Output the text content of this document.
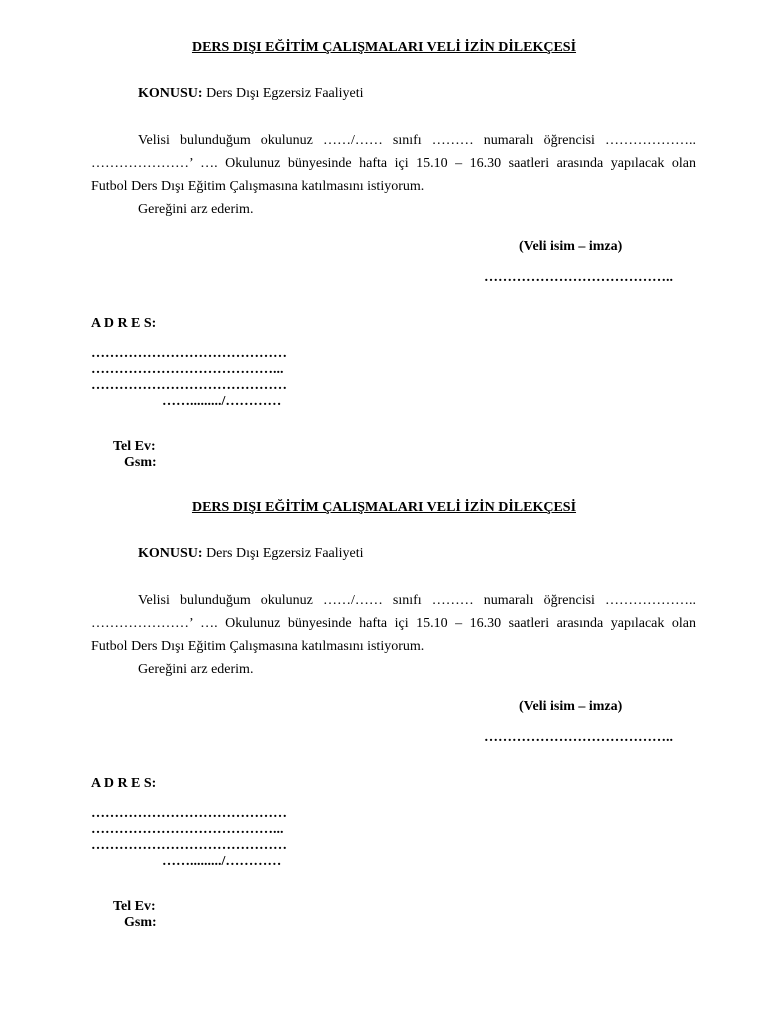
DERS DIŞI EĞİTİM ÇALIŞMALARI VELİ İZİN DİLEKÇESİ
KONUSU: Ders Dışı Egzersiz Faaliyeti
Velisi bulunduğum okulunuz ……/…… sınıfı ……… numaralı öğrencisi ………………..
…………………’ …. Okulunuz bünyesinde hafta içi 15.10 – 16.30 saatleri arasında yapılacak olan
Futbol Ders Dışı Eğitim Çalışmasına katılmasını istiyorum.
Gereğini arz ederim.
(Veli isim – imza)
…………………………………..
A D R E S:
……………………………………
…………………………………...
……………………………………
……........./…………
Tel Ev:
Gsm:
DERS DIŞI EĞİTİM ÇALIŞMALARI VELİ İZİN DİLEKÇESİ
KONUSU: Ders Dışı Egzersiz Faaliyeti
Velisi bulunduğum okulunuz ……/…… sınıfı ……… numaralı öğrencisi ………………..
…………………’ …. Okulunuz bünyesinde hafta içi 15.10 – 16.30 saatleri arasında yapılacak olan
Futbol Ders Dışı Eğitim Çalışmasına katılmasını istiyorum.
Gereğini arz ederim.
(Veli isim – imza)
…………………………………..
A D R E S:
……………………………………
…………………………………...
……………………………………
……........./…………
Tel Ev:
Gsm:
